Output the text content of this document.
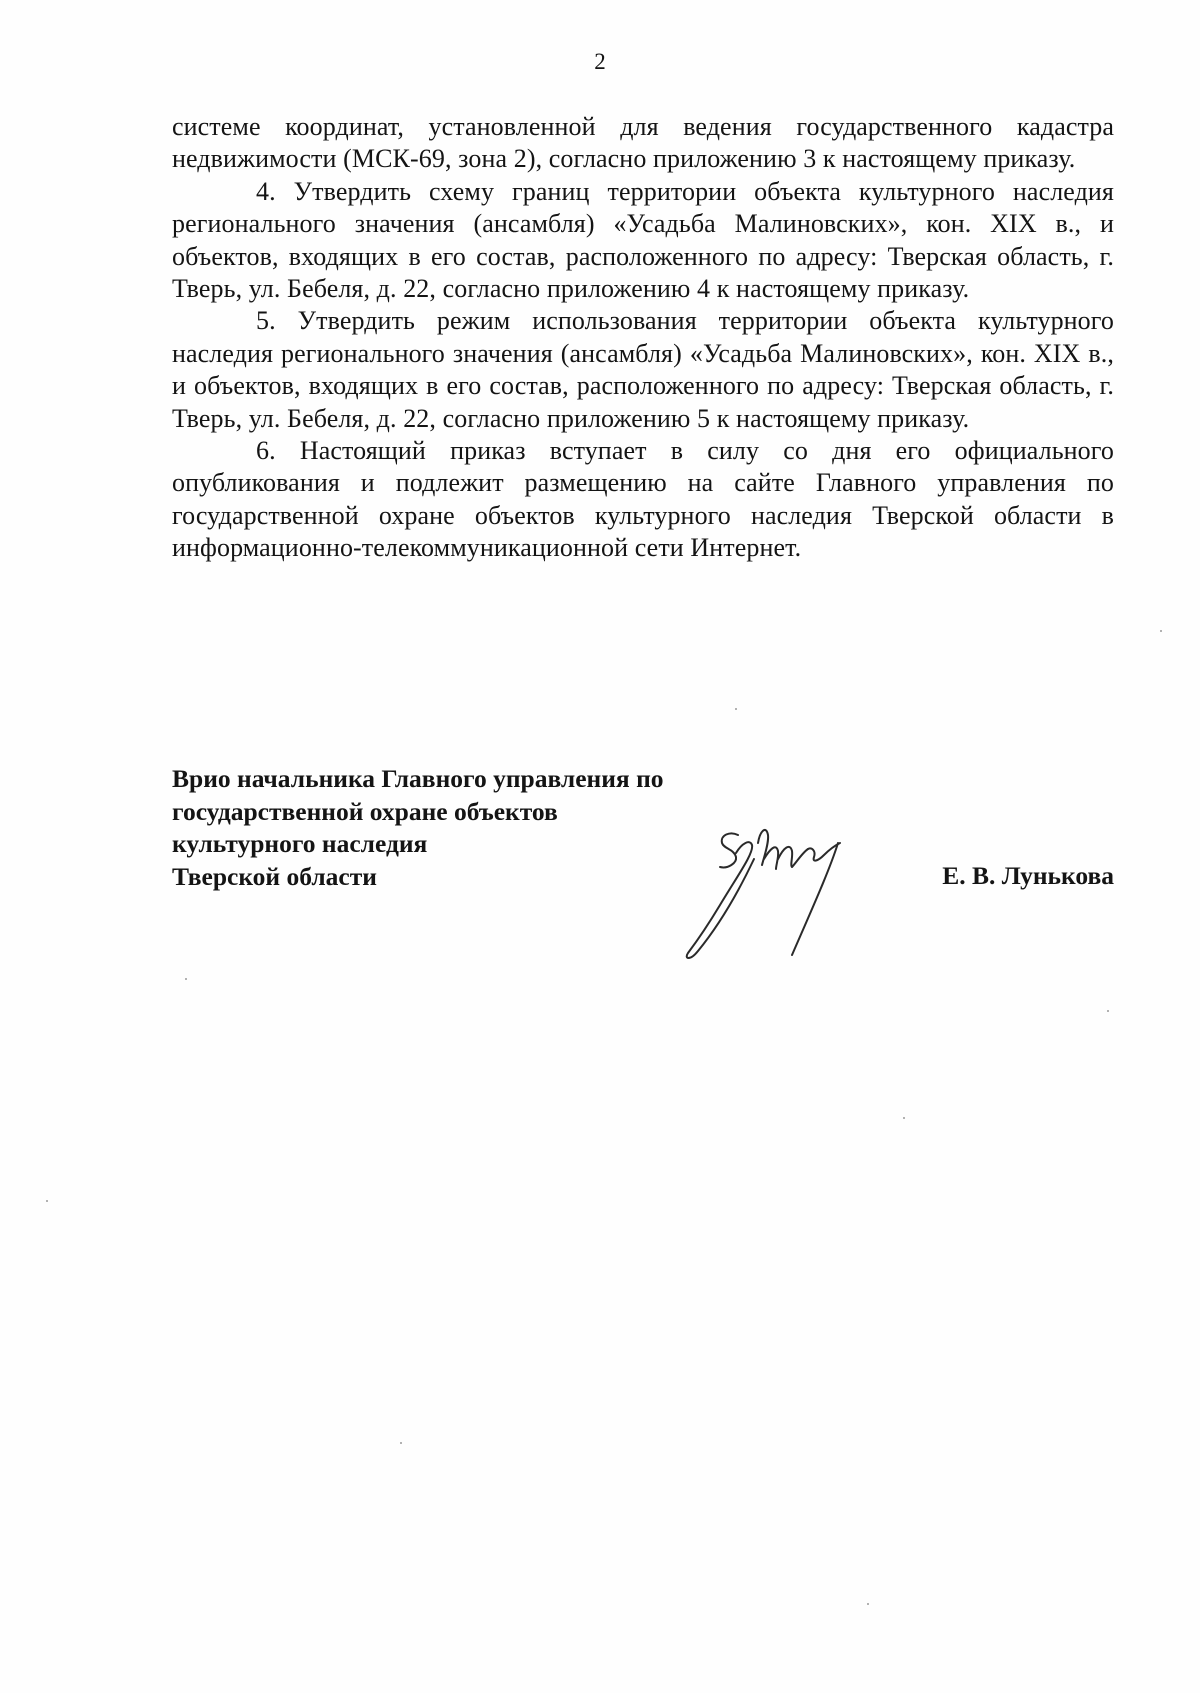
2

системе координат, установленной для ведения государственного кадастра недвижимости (МСК-69, зона 2), согласно приложению 3 к настоящему приказу.

4. Утвердить схему границ территории объекта культурного наследия регионального значения (ансамбля) «Усадьба Малиновских», кон. XIX в., и объектов, входящих в его состав, расположенного по адресу: Тверская область, г. Тверь, ул. Бебеля, д. 22, согласно приложению 4 к настоящему приказу.

5. Утвердить режим использования территории объекта культурного наследия регионального значения (ансамбля) «Усадьба Малиновских», кон. XIX в., и объектов, входящих в его состав, расположенного по адресу: Тверская область, г. Тверь, ул. Бебеля, д. 22, согласно приложению 5 к настоящему приказу.

6. Настоящий приказ вступает в силу со дня его официального опубликования и подлежит размещению на сайте Главного управления по государственной охране объектов культурного наследия Тверской области в информационно-телекоммуникационной сети Интернет.

Врио начальника Главного управления по
государственной охране объектов
культурного наследия
Тверской области	Е. В. Лунькова
